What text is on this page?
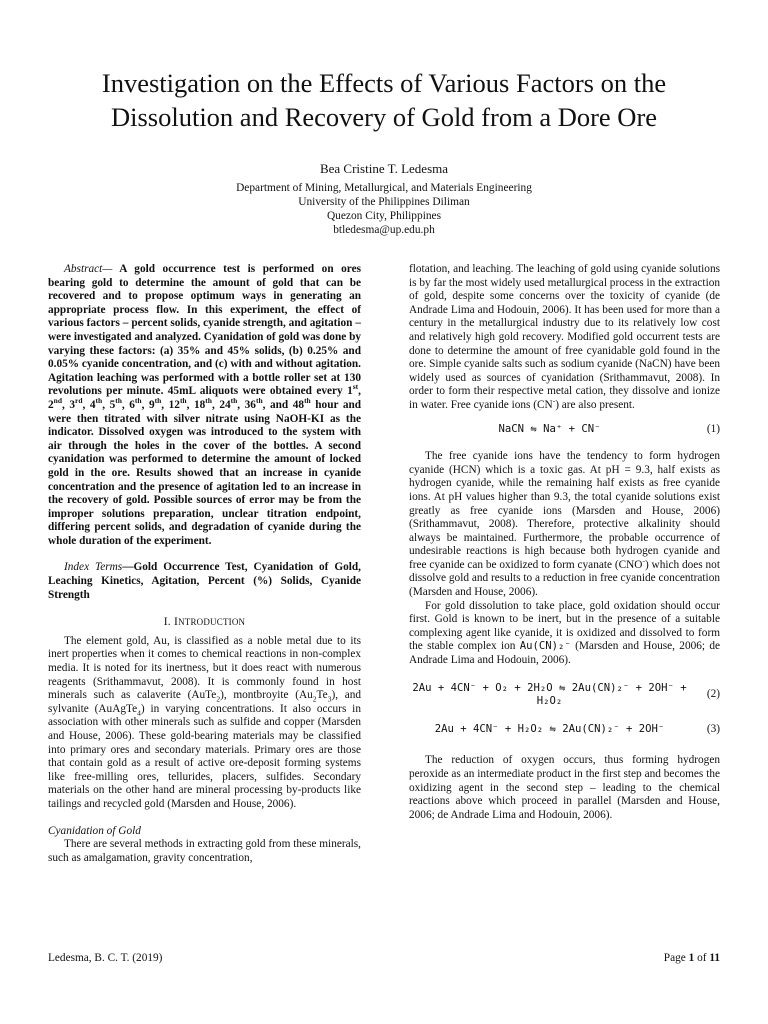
Investigation on the Effects of Various Factors on the
Dissolution and Recovery of Gold from a Dore Ore
Bea Cristine T. Ledesma
Department of Mining, Metallurgical, and Materials Engineering
University of the Philippines Diliman
Quezon City, Philippines
btledesma@up.edu.ph

Abstract— A gold occurrence test is performed on ores bearing gold to determine the amount of gold that can be recovered and to propose optimum ways in generating an appropriate process flow. In this experiment, the effect of various factors – percent solids, cyanide strength, and agitation – were investigated and analyzed. Cyanidation of gold was done by varying these factors: (a) 35% and 45% solids, (b) 0.25% and 0.05% cyanide concentration, and (c) with and without agitation. Agitation leaching was performed with a bottle roller set at 130 revolutions per minute. 45mL aliquots were obtained every 1st, 2nd, 3rd, 4th, 5th, 6th, 9th, 12th, 18th, 24th, 36th, and 48th hour and were then titrated with silver nitrate using NaOH-KI as the indicator. Dissolved oxygen was introduced to the system with air through the holes in the cover of the bottles. A second cyanidation was performed to determine the amount of locked gold in the ore. Results showed that an increase in cyanide concentration and the presence of agitation led to an increase in the recovery of gold. Possible sources of error may be from the improper solutions preparation, unclear titration endpoint, differing percent solids, and degradation of cyanide during the whole duration of the experiment.

Index Terms—Gold Occurrence Test, Cyanidation of Gold, Leaching Kinetics, Agitation, Percent (%) Solids, Cyanide Strength

I. INTRODUCTION

The element gold, Au, is classified as a noble metal due to its inert properties when it comes to chemical reactions in non-complex media. It is noted for its inertness, but it does react with numerous reagents (Srithammavut, 2008). It is commonly found in host minerals such as calaverite (AuTe$_2$), montbroyite $(Au_2Te_3)$, and sylvanite (AuAgTe$_4$) in varying concentrations. It also occurs in association with other minerals such as sulfide and copper (Marsden and House, 2006). These gold-bearing materials may be classified into primary ores and secondary materials. Primary ores are those that contain gold as a result of active ore-deposit forming systems like free-milling ores, tellurides, placers, sulfides. Secondary materials on the other hand are mineral processing by-products like tailings and recycled gold (Marsden and House, 2006).

Cyanidation of Gold

There are several methods in extracting gold from these minerals, such as amalgamation, gravity concentration,

flotation, and leaching. The leaching of gold using cyanide solutions is by far the most widely used metallurgical process in the extraction of gold, despite some concerns over the toxicity of cyanide (de Andrade Lima and Hodouin, 2006). It has been used for more than a century in the metallurgical industry due to its relatively low cost and relatively high gold recovery. Modified gold occurrent tests are done to determine the amount of free cyanidable gold found in the ore. Simple cyanide salts such as sodium cyanide (NaCN) have been widely used as sources of cyanidation (Srithammavut, 2008). In order to form their respective metal cation, they dissolve and ionize in water. Free cyanide ions (CN-) are also present.

NaCN ⇋ Na⁺ + CN⁻	(1)

The free cyanide ions have the tendency to form hydrogen cyanide (HCN) which is a toxic gas. At pH = 9.3, half exists as hydrogen cyanide, while the remaining half exists as free cyanide ions. At pH values higher than 9.3, the total cyanide solutions exist greatly as free cyanide ions (Marsden and House, 2006) (Srithammavut, 2008). Therefore, protective alkalinity should always be maintained. Furthermore, the probable occurrence of undesirable reactions is high because both hydrogen cyanide and free cyanide can be oxidized to form cyanate (CNO-) which does not dissolve gold and results to a reduction in free cyanide concentration (Marsden and House, 2006).

For gold dissolution to take place, gold oxidation should occur first. Gold is known to be inert, but in the presence of a suitable complexing agent like cyanide, it is oxidized and dissolved to form the stable complex ion Au(CN)₂⁻ (Marsden and House, 2006; de Andrade Lima and Hodouin, 2006).

2Au + 4CN⁻ + O₂ + 2H₂O ⇋ 2Au(CN)₂⁻ + 2OH⁻ + H₂O₂
(2)
2Au + 4CN⁻ + H₂O₂ ⇋ 2Au(CN)₂⁻ + 2OH⁻	(3)

The reduction of oxygen occurs, thus forming hydrogen peroxide as an intermediate product in the first step and becomes the oxidizing agent in the second step – leading to the chemical reactions above which proceed in parallel (Marsden and House, 2006; de Andrade Lima and Hodouin, 2006).

Ledesma, B. C. T. (2019)	Page 1 of 11
